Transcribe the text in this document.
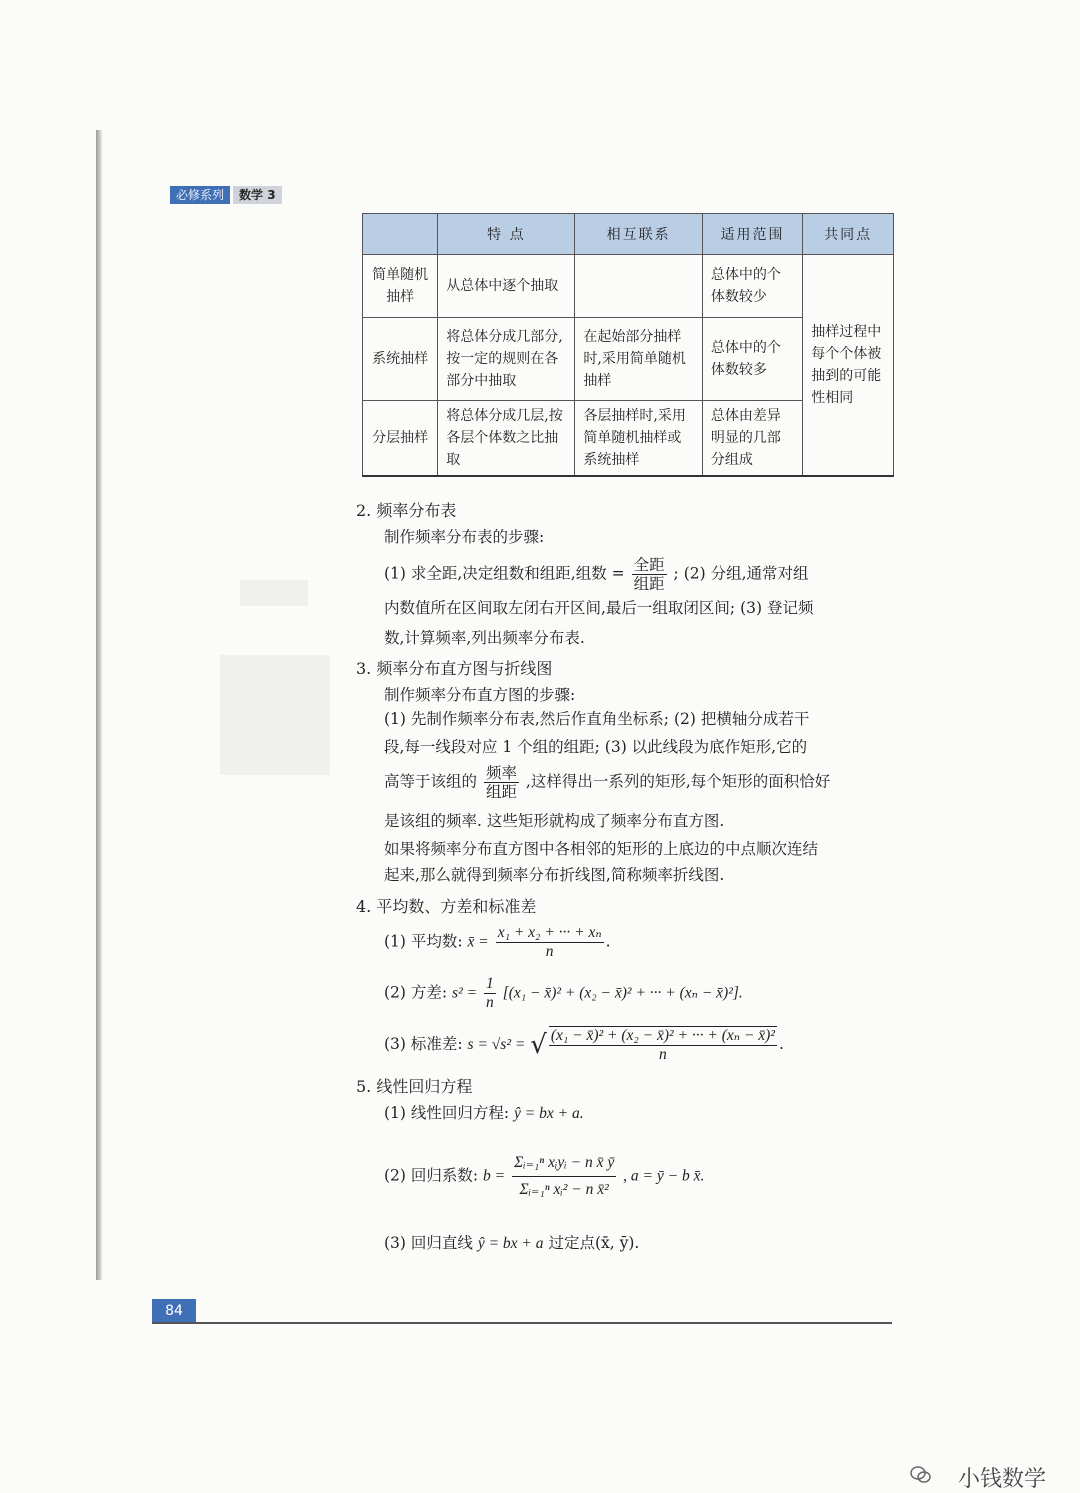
必修系列	数学 3
	特 点	相互联系	适用范围	共同点
简单随机抽样	从总体中逐个抽取		总体中的个体数较少	抽样过程中每个个体被抽到的可能性相同
系统抽样	将总体分成几部分,按一定的规则在各部分中抽取	在起始部分抽样时,采用简单随机抽样	总体中的个体数较多	
分层抽样	将总体分成几层,按各层个体数之比抽取	各层抽样时,采用简单随机抽样或系统抽样	总体由差异明显的几部分组成	
2. 频率分布表
制作频率分布表的步骤:
(1) 求全距,决定组数和组距,组数 = $\frac{\text{全距}}{\text{组距}}$ ; (2) 分组,通常对组
内数值所在区间取左闭右开区间,最后一组取闭区间; (3) 登记频
数,计算频率,列出频率分布表.
3. 频率分布直方图与折线图
制作频率分布直方图的步骤:
(1) 先制作频率分布表,然后作直角坐标系; (2) 把横轴分成若干
段,每一线段对应 1 个组的组距; (3) 以此线段为底作矩形,它的
高等于该组的 $\frac{\text{频率}}{\text{组距}}$ ,这样得出一系列的矩形,每个矩形的面积恰好
是该组的频率. 这些矩形就构成了频率分布直方图.
如果将频率分布直方图中各相邻的矩形的上底边的中点顺次连结
起来,那么就得到频率分布折线图,简称频率折线图.
4. 平均数、方差和标准差
(1) 平均数: x̄ = $\frac{\text{x₁ + x₂ + ··· + xₙ}}{n}$ .
(2) 方差: $s^2 = \frac{1}{n} [(x_1$ − x̄)² + (x₂ − x̄)² + ··· + (xₙ − x̄)²].
(3) 标准差: s = √s² = √ $\frac{\text{(x₁ − x̄)² + (x₂ − x̄)² + ··· + (xₙ − x̄)²}}{n}$ .
5. 线性回归方程
(1) 线性回归方程: ŷ = bx + a.
(2) 回归系数: $b = \frac{\text{Σᵢ₌₁ⁿ xᵢyᵢ − n x̄ ȳ}}{\text{Σᵢ₌₁ⁿ xᵢ² − n x̄²}}$ , a = ȳ − b x̄.
(3) 回归直线 ŷ = bx + a 过定点(x̄, ȳ).
84
小钱数学
